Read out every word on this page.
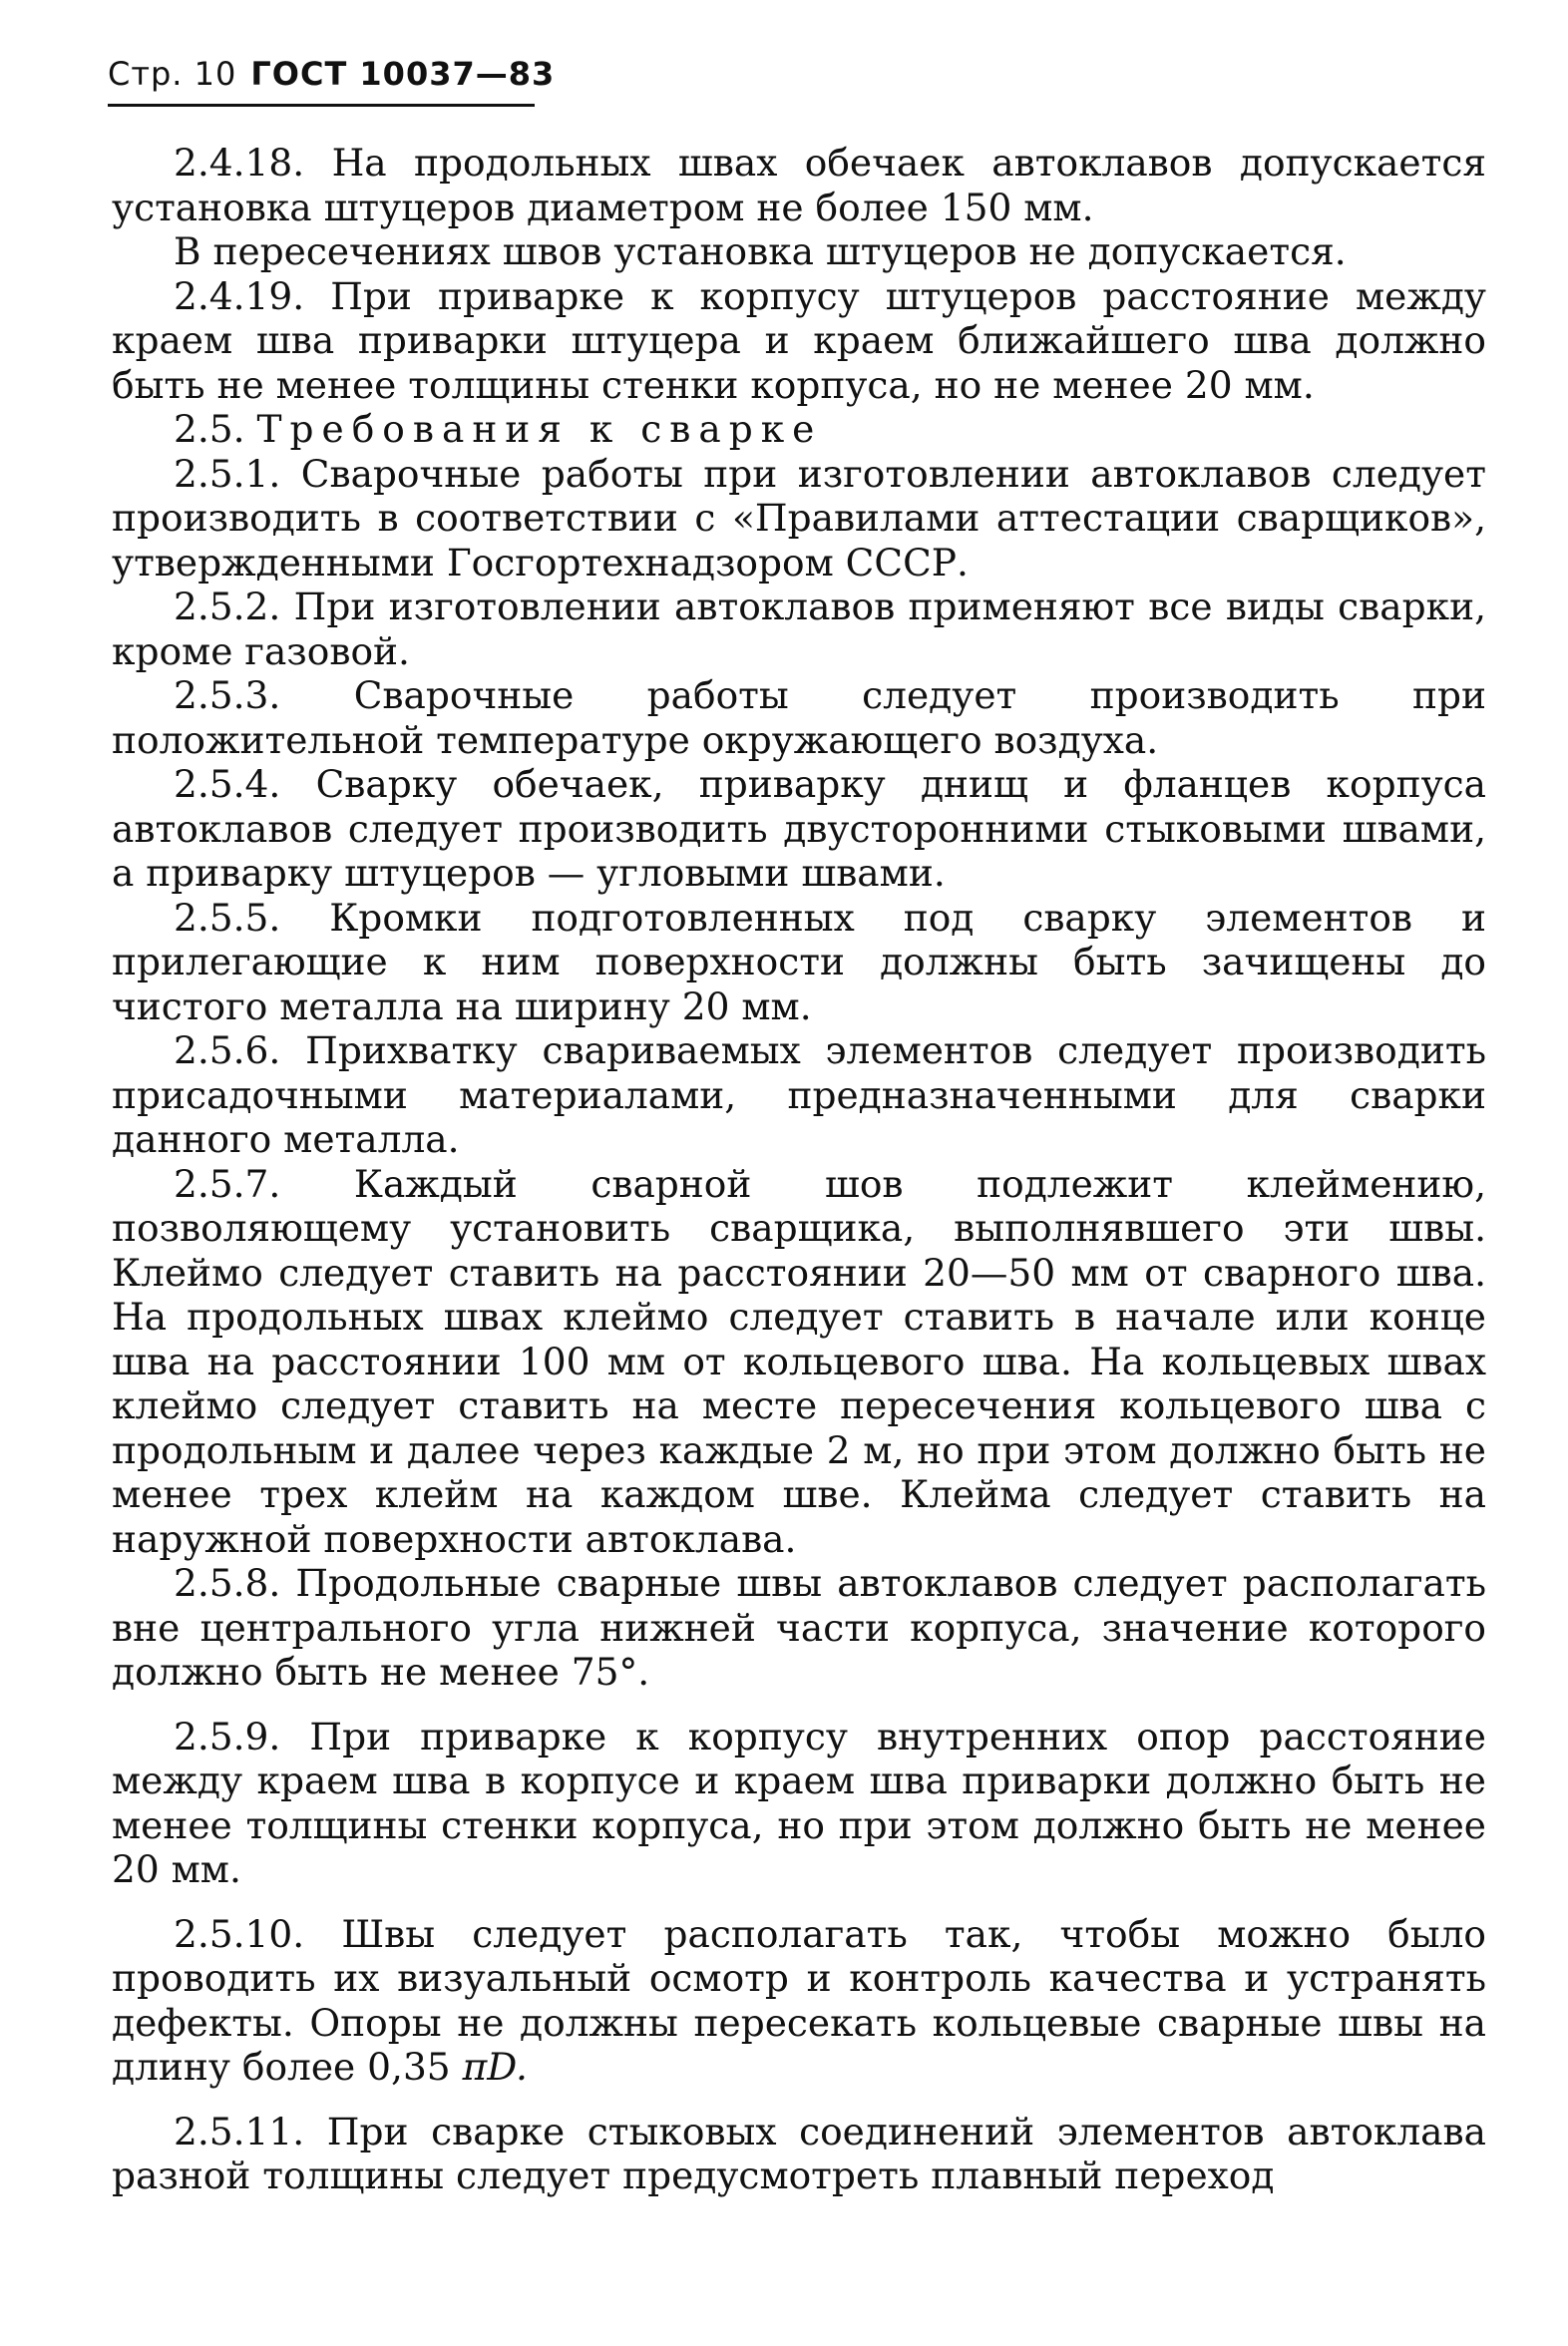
Стр. 10 ГОСТ 10037—83

2.4.18. На продольных швах обечаек автоклавов допускается установка штуцеров диаметром не более 150 мм.

В пересечениях швов установка штуцеров не допускается.

2.4.19. При приварке к корпусу штуцеров расстояние между краем шва приварки штуцера и краем ближайшего шва должно быть не менее толщины стенки корпуса, но не менее 20 мм.

2.5. Требования к сварке

2.5.1. Сварочные работы при изготовлении автоклавов следует производить в соответствии с «Правилами аттестации сварщиков», утвержденными Госгортехнадзором СССР.

2.5.2. При изготовлении автоклавов применяют все виды сварки, кроме газовой.

2.5.3. Сварочные работы следует производить при положительной температуре окружающего воздуха.

2.5.4. Сварку обечаек, приварку днищ и фланцев корпуса автоклавов следует производить двусторонними стыковыми швами, а приварку штуцеров — угловыми швами.

2.5.5. Кромки подготовленных под сварку элементов и прилегающие к ним поверхности должны быть зачищены до чистого металла на ширину 20 мм.

2.5.6. Прихватку свариваемых элементов следует производить присадочными материалами, предназначенными для сварки данного металла.

2.5.7. Каждый сварной шов подлежит клеймению, позволяющему установить сварщика, выполнявшего эти швы. Клеймо следует ставить на расстоянии 20—50 мм от сварного шва. На продольных швах клеймо следует ставить в начале или конце шва на расстоянии 100 мм от кольцевого шва. На кольцевых швах клеймо следует ставить на месте пересечения кольцевого шва с продольным и далее через каждые 2 м, но при этом должно быть не менее трех клейм на каждом шве. Клейма следует ставить на наружной поверхности автоклава.

2.5.8. Продольные сварные швы автоклавов следует располагать вне центрального угла нижней части корпуса, значение которого должно быть не менее 75°.

2.5.9. При приварке к корпусу внутренних опор расстояние между краем шва в корпусе и краем шва приварки должно быть не менее толщины стенки корпуса, но при этом должно быть не менее 20 мм.

2.5.10. Швы следует располагать так, чтобы можно было проводить их визуальный осмотр и контроль качества и устранять дефекты. Опоры не должны пересекать кольцевые сварные швы на длину более 0,35 πD.

2.5.11. При сварке стыковых соединений элементов автоклава разной толщины следует предусмотреть плавный переход
